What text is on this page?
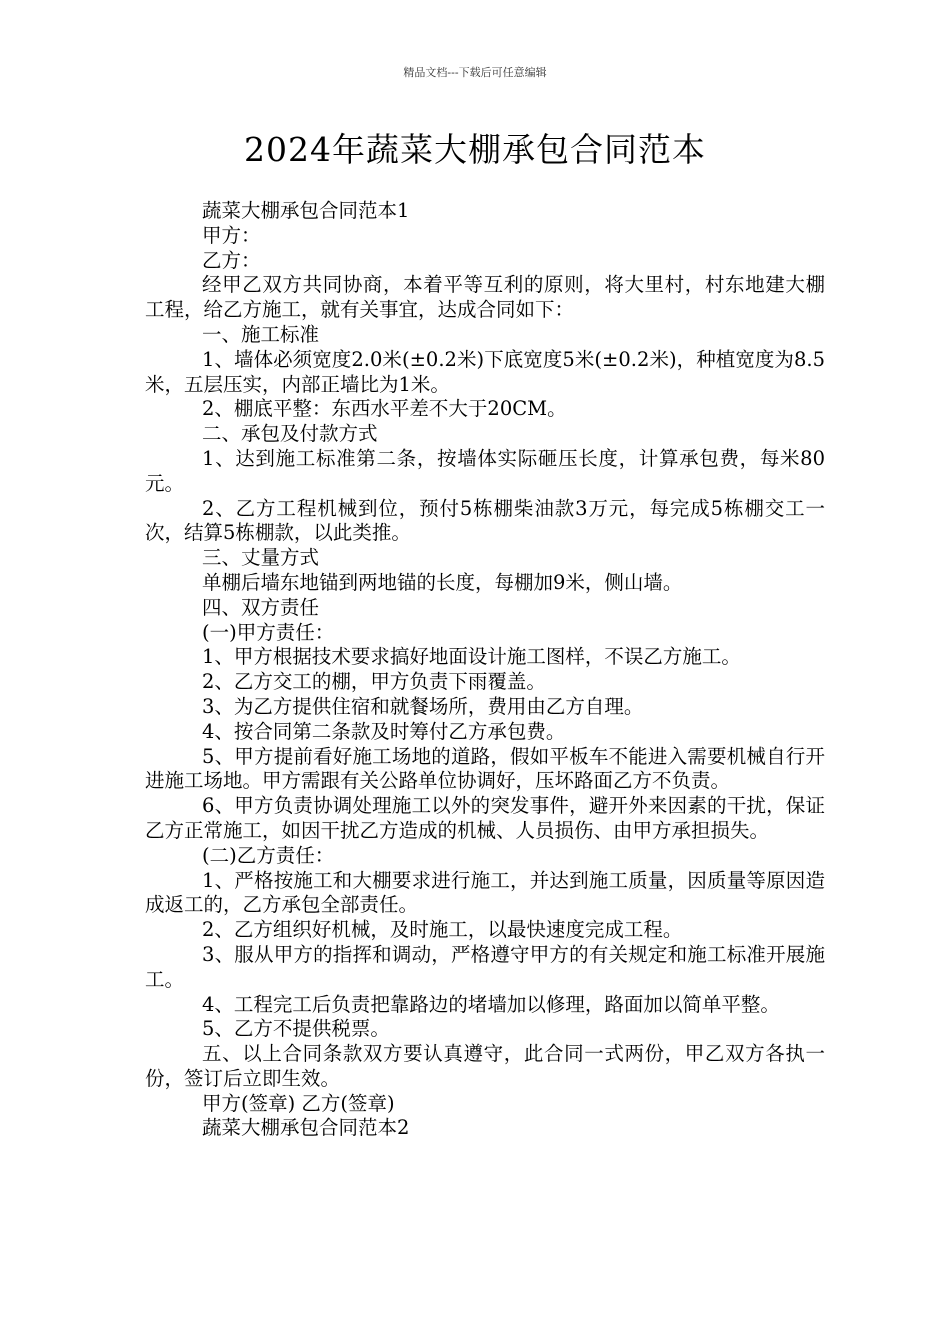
精品文档---下载后可任意编辑
2024年蔬菜大棚承包合同范本

蔬菜大棚承包合同范本1

甲方：

乙方：

经甲乙双方共同协商，本着平等互利的原则，将大里村，村东地建大棚工程，给乙方施工，就有关事宜，达成合同如下：

一、施工标准

1、墙体必须宽度2.0米(±0.2米)下底宽度5米(±0.2米)，种植宽度为8.5米，五层压实，内部正墙比为1米。

2、棚底平整：东西水平差不大于20CM。

二、承包及付款方式

1、达到施工标准第二条，按墙体实际砸压长度，计算承包费，每米80元。

2、乙方工程机械到位，预付5栋棚柴油款3万元，每完成5栋棚交工一次，结算5栋棚款，以此类推。

三、丈量方式

单棚后墙东地锚到两地锚的长度，每棚加9米，侧山墙。

四、双方责任

(一)甲方责任：

1、甲方根据技术要求搞好地面设计施工图样，不误乙方施工。

2、乙方交工的棚，甲方负责下雨覆盖。

3、为乙方提供住宿和就餐场所，费用由乙方自理。

4、按合同第二条款及时筹付乙方承包费。

5、甲方提前看好施工场地的道路，假如平板车不能进入需要机械自行开进施工场地。甲方需跟有关公路单位协调好，压坏路面乙方不负责。

6、甲方负责协调处理施工以外的突发事件，避开外来因素的干扰，保证乙方正常施工，如因干扰乙方造成的机械、人员损伤、由甲方承担损失。

(二)乙方责任：

1、严格按施工和大棚要求进行施工，并达到施工质量，因质量等原因造成返工的，乙方承包全部责任。

2、乙方组织好机械，及时施工，以最快速度完成工程。

3、服从甲方的指挥和调动，严格遵守甲方的有关规定和施工标准开展施工。

4、工程完工后负责把靠路边的堵墙加以修理，路面加以简单平整。

5、乙方不提供税票。

五、以上合同条款双方要认真遵守，此合同一式两份，甲乙双方各执一份，签订后立即生效。

甲方(签章) 乙方(签章)

蔬菜大棚承包合同范本2
